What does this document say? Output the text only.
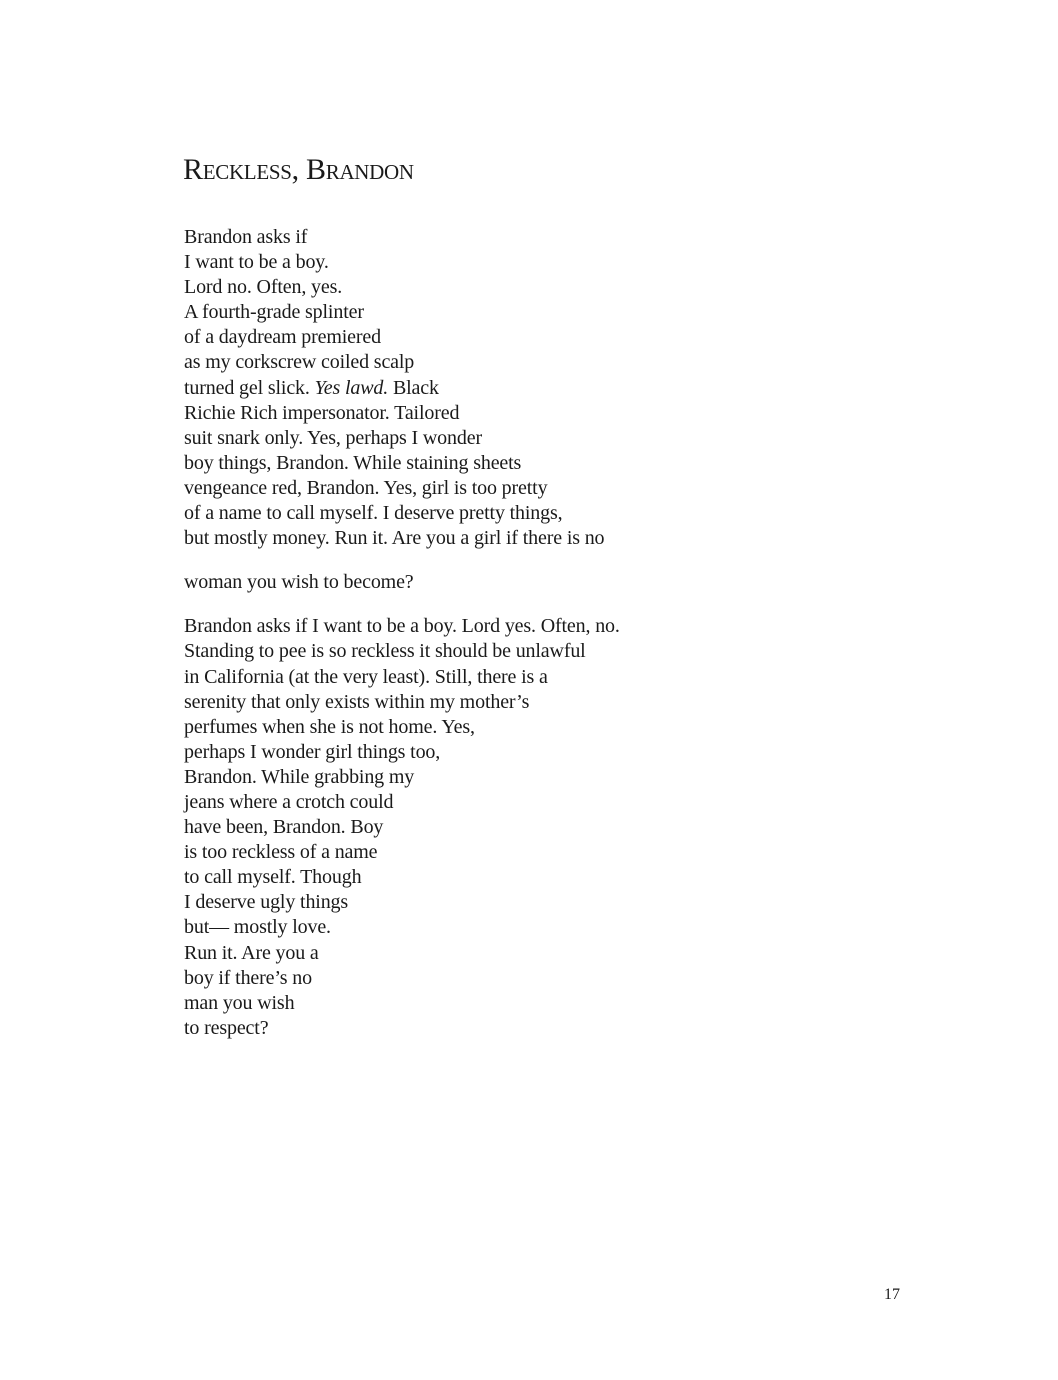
Reckless, Brandon
Brandon asks if
I want to be a boy.
Lord no. Often, yes.
A fourth-grade splinter
of a daydream premiered
as my corkscrew coiled scalp
turned gel slick. Yes lawd. Black
Richie Rich impersonator. Tailored
suit snark only. Yes, perhaps I wonder
boy things, Brandon. While staining sheets
vengeance red, Brandon. Yes, girl is too pretty
of a name to call myself. I deserve pretty things,
but mostly money. Run it. Are you a girl if there is no
woman you wish to become?
Brandon asks if I want to be a boy. Lord yes. Often, no.
Standing to pee is so reckless it should be unlawful
in California (at the very least). Still, there is a
serenity that only exists within my mother’s
perfumes when she is not home. Yes,
perhaps I wonder girl things too,
Brandon. While grabbing my
jeans where a crotch could
have been, Brandon. Boy
is too reckless of a name
to call myself. Though
I deserve ugly things
but— mostly love.
Run it. Are you a
boy if there’s no
man you wish
to respect?
17
